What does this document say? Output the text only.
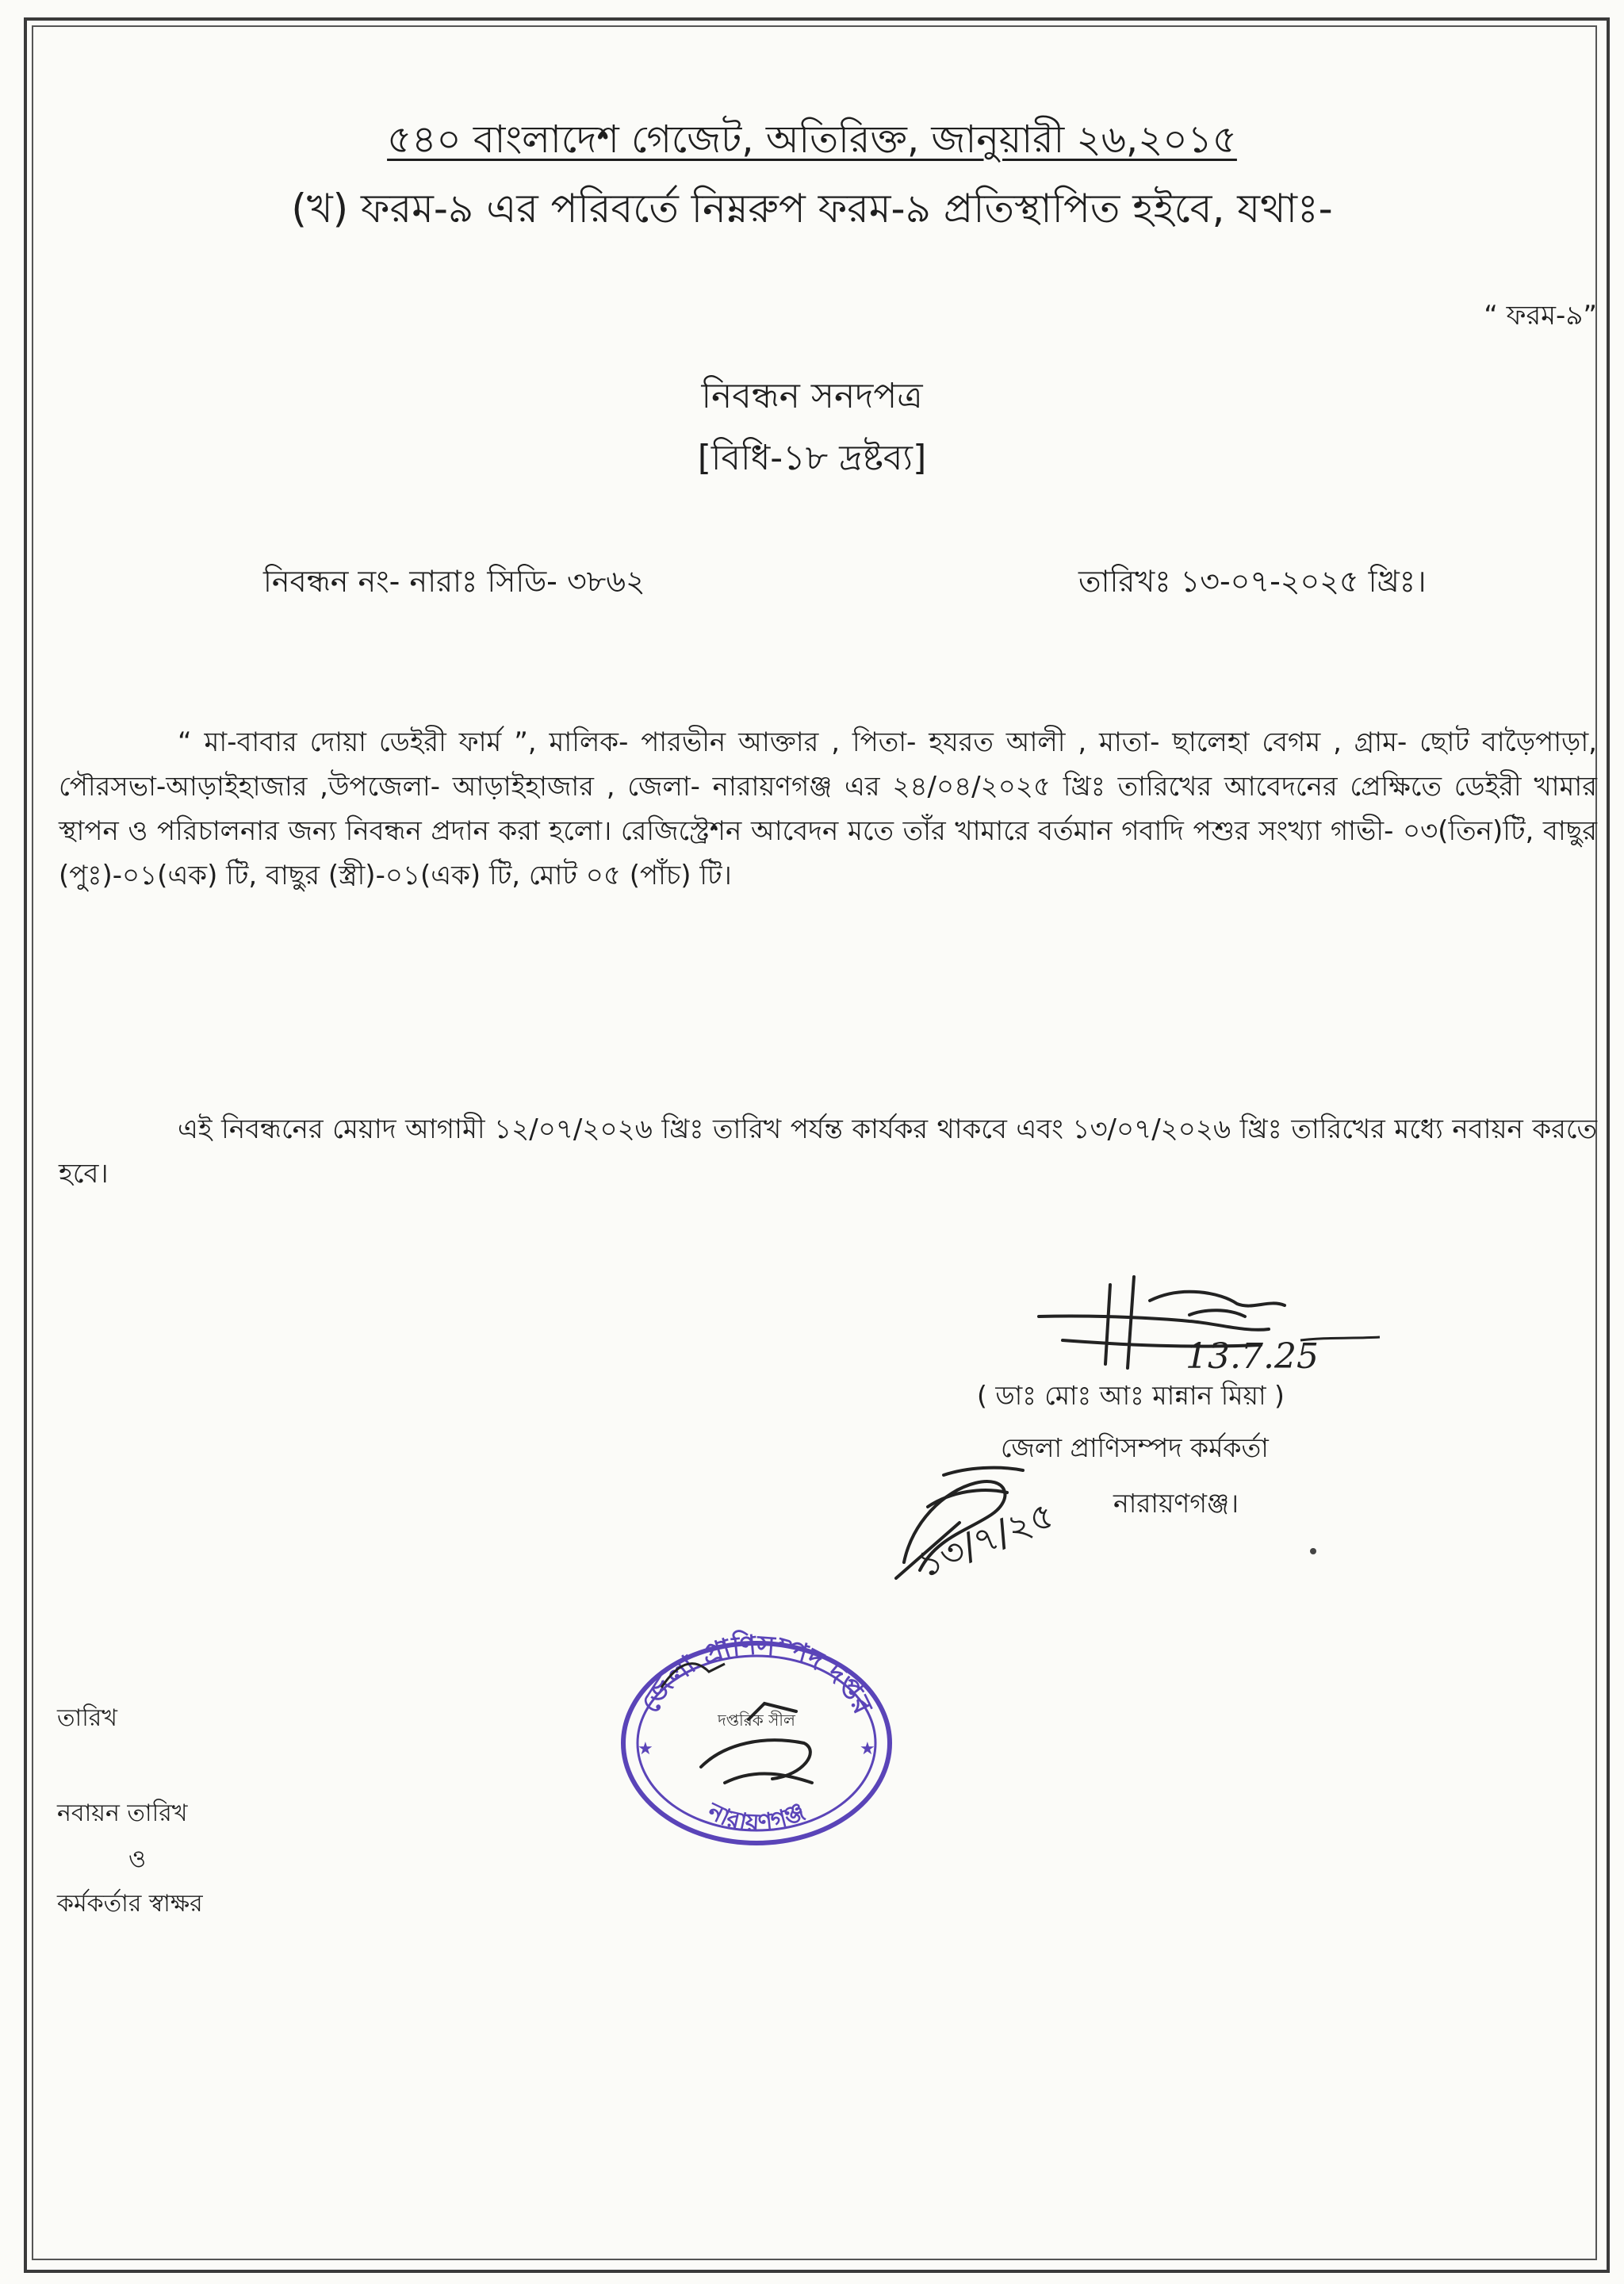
৫৪০ বাংলাদেশ গেজেট, অতিরিক্ত, জানুয়ারী ২৬,২০১৫
(খ) ফরম-৯ এর পরিবর্তে নিম্নরুপ ফরম-৯ প্রতিস্থাপিত হইবে, যথাঃ-
“ ফরম-৯”
নিবন্ধন সনদপত্র
[বিধি-১৮ দ্রষ্টব্য]
নিবন্ধন নং- নারাঃ সিডি- ৩৮৬২	তারিখঃ ১৩-০৭-২০২৫ খ্রিঃ।
“ মা-বাবার দোয়া ডেইরী ফার্ম ”, মালিক- পারভীন আক্তার , পিতা- হযরত আলী , মাতা- ছালেহা বেগম , গ্রাম- ছোট বাড়ৈপাড়া, পৌরসভা-আড়াইহাজার ,উপজেলা- আড়াইহাজার , জেলা- নারায়ণগঞ্জ এর ২৪/০৪/২০২৫ খ্রিঃ তারিখের আবেদনের প্রেক্ষিতে ডেইরী খামার স্থাপন ও পরিচালনার জন্য নিবন্ধন প্রদান করা হলো। রেজিস্ট্রেশন আবেদন মতে তাঁর খামারে বর্তমান গবাদি পশুর সংখ্যা গাভী- ০৩(তিন)টি, বাছুর (পুঃ)-০১(এক) টি, বাছুর (স্ত্রী)-০১(এক) টি, মোট ০৫ (পাঁচ) টি।
এই নিবন্ধনের মেয়াদ আগামী ১২/০৭/২০২৬ খ্রিঃ তারিখ পর্যন্ত কার্যকর থাকবে এবং ১৩/০৭/২০২৬ খ্রিঃ তারিখের মধ্যে নবায়ন করতে হবে।
13.7.25
( ডাঃ মোঃ আঃ মান্নান মিয়া )
জেলা প্রাণিসম্পদ কর্মকর্তা
নারায়ণগঞ্জ।
১৩/৭/২৫
জেলা প্রাণিসম্পদ দপ্তর
নারায়ণগঞ্জ
★	★
দপ্তরিক সীল
তারিখ
নবায়ন তারিখ
ও
কর্মকর্তার স্বাক্ষর
